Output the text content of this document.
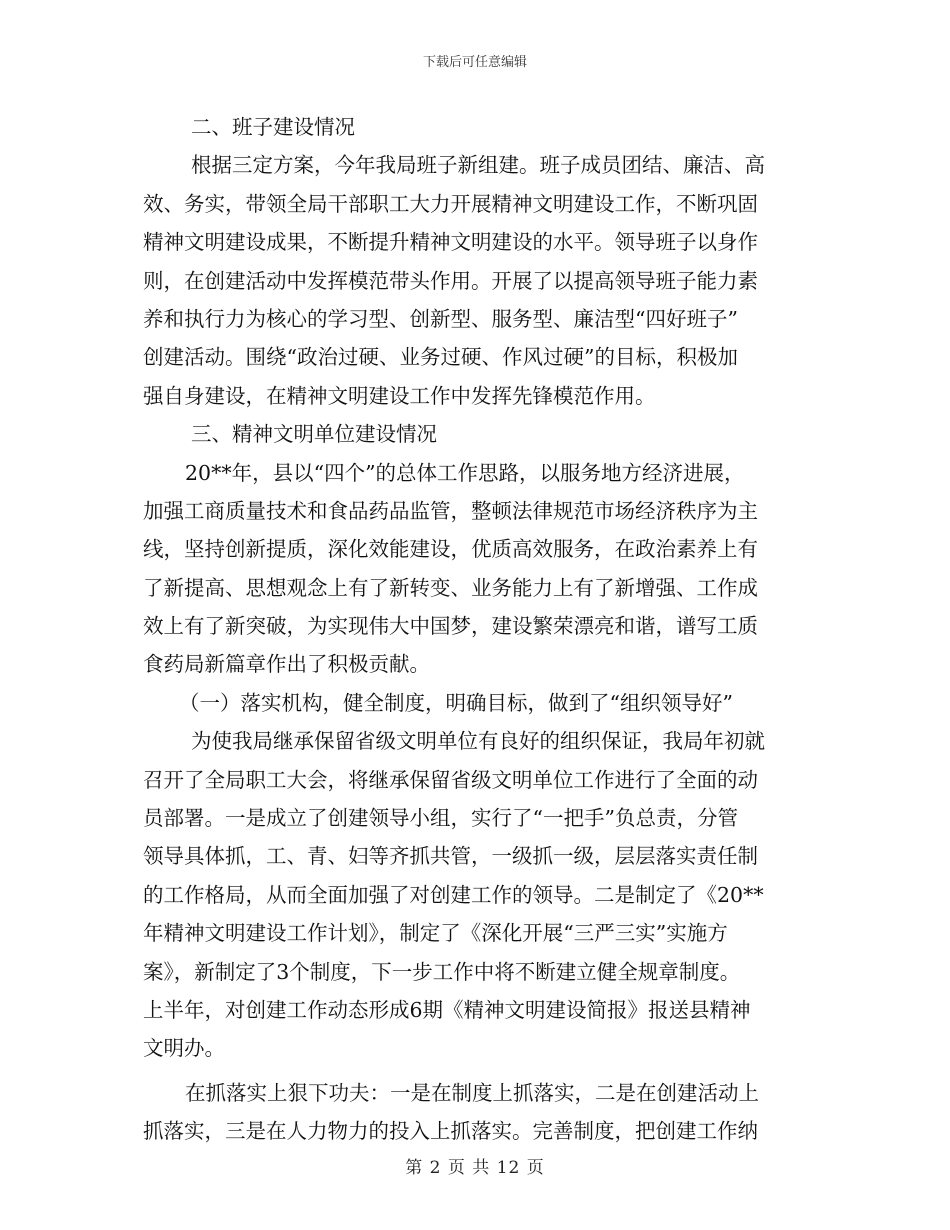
下载后可任意编辑
二、班子建设情况
根据三定方案，今年我局班子新组建。班子成员团结、廉洁、高
效、务实，带领全局干部职工大力开展精神文明建设工作，不断巩固
精神文明建设成果，不断提升精神文明建设的水平。领导班子以身作
则，在创建活动中发挥模范带头作用。开展了以提高领导班子能力素
养和执行力为核心的学习型、创新型、服务型、廉洁型“四好班子”
创建活动。围绕“政治过硬、业务过硬、作风过硬”的目标，积极加
强自身建设，在精神文明建设工作中发挥先锋模范作用。
三、精神文明单位建设情况
20**年，县以“四个”的总体工作思路，以服务地方经济进展，
加强工商质量技术和食品药品监管，整顿法律规范市场经济秩序为主
线，坚持创新提质，深化效能建设，优质高效服务，在政治素养上有
了新提高、思想观念上有了新转变、业务能力上有了新增强、工作成
效上有了新突破，为实现伟大中国梦，建设繁荣漂亮和谐，谱写工质
食药局新篇章作出了积极贡献。
（一）落实机构，健全制度，明确目标，做到了“组织领导好”
为使我局继承保留省级文明单位有良好的组织保证，我局年初就
召开了全局职工大会，将继承保留省级文明单位工作进行了全面的动
员部署。一是成立了创建领导小组，实行了“一把手”负总责，分管
领导具体抓，工、青、妇等齐抓共管，一级抓一级，层层落实责任制
的工作格局，从而全面加强了对创建工作的领导。二是制定了《20**
年精神文明建设工作计划》，制定了《深化开展“三严三实”实施方
案》，新制定了3个制度，下一步工作中将不断建立健全规章制度。
上半年，对创建工作动态形成6期《精神文明建设简报》报送县精神
文明办。
在抓落实上狠下功夫：一是在制度上抓落实，二是在创建活动上
抓落实，三是在人力物力的投入上抓落实。完善制度，把创建工作纳
第 2 页 共 12 页
